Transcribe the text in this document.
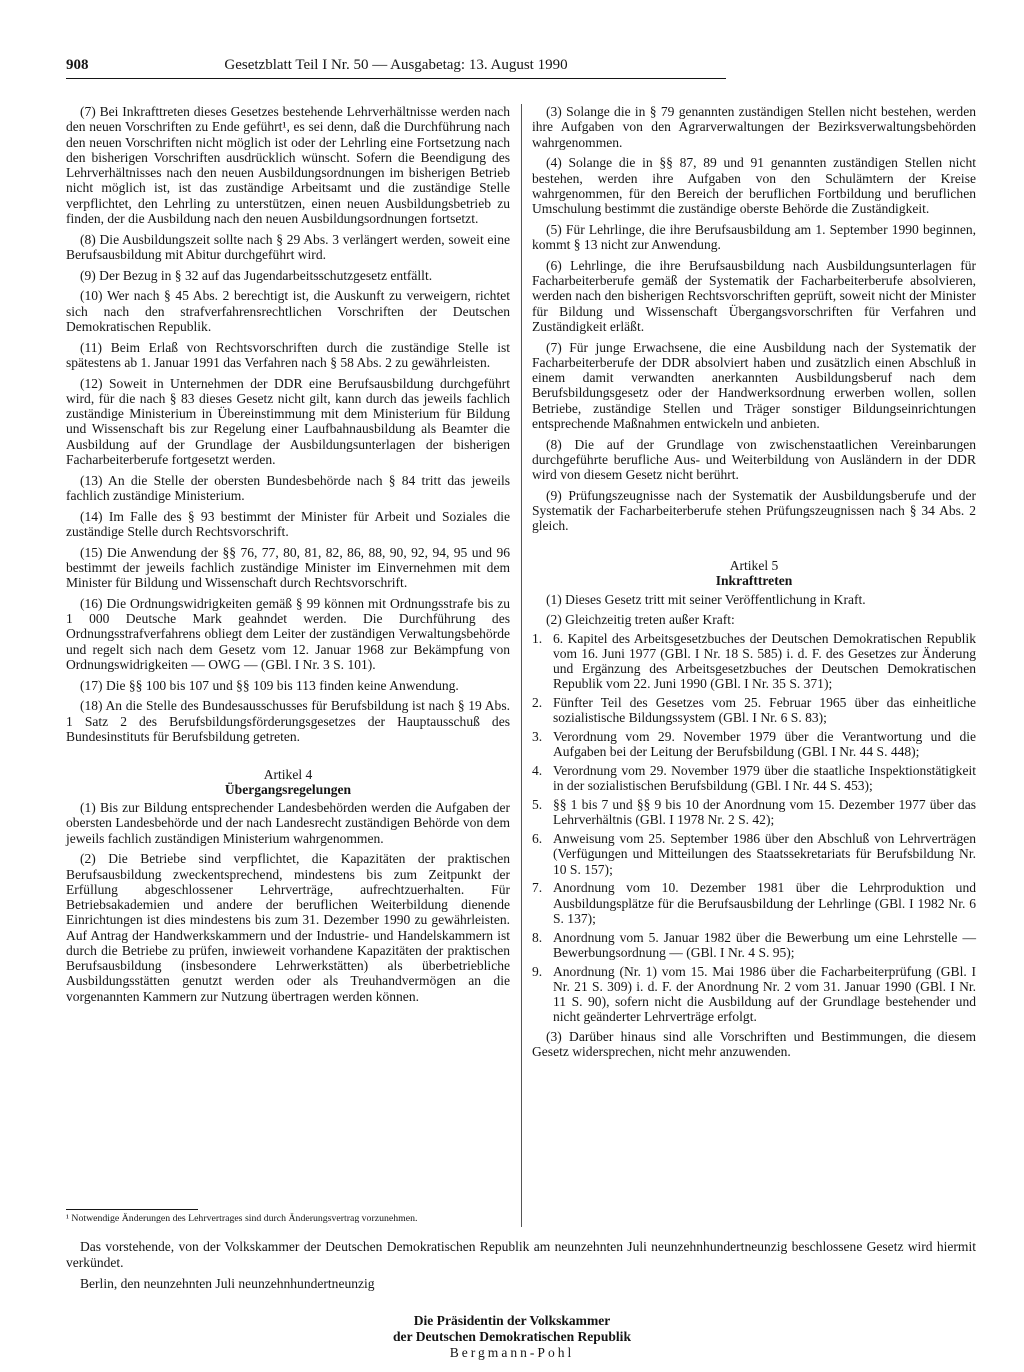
908	Gesetzblatt Teil I Nr. 50 — Ausgabetag: 13. August 1990

(7) Bei Inkrafttreten dieses Gesetzes bestehende Lehrverhältnisse werden nach den neuen Vorschriften zu Ende geführt¹, es sei denn, daß die Durchführung nach den neuen Vorschriften nicht möglich ist oder der Lehrling eine Fortsetzung nach den bisherigen Vorschriften ausdrücklich wünscht. Sofern die Beendigung des Lehrverhältnisses nach den neuen Ausbildungsordnungen im bisherigen Betrieb nicht möglich ist, ist das zuständige Arbeitsamt und die zuständige Stelle verpflichtet, den Lehrling zu unterstützen, einen neuen Ausbildungsbetrieb zu finden, der die Ausbildung nach den neuen Ausbildungsordnungen fortsetzt.

(8) Die Ausbildungszeit sollte nach § 29 Abs. 3 verlängert werden, soweit eine Berufsausbildung mit Abitur durchgeführt wird.

(9) Der Bezug in § 32 auf das Jugendarbeitsschutzgesetz entfällt.

(10) Wer nach § 45 Abs. 2 berechtigt ist, die Auskunft zu verweigern, richtet sich nach den strafverfahrensrechtlichen Vorschriften der Deutschen Demokratischen Republik.

(11) Beim Erlaß von Rechtsvorschriften durch die zuständige Stelle ist spätestens ab 1. Januar 1991 das Verfahren nach § 58 Abs. 2 zu gewährleisten.

(12) Soweit in Unternehmen der DDR eine Berufsausbildung durchgeführt wird, für die nach § 83 dieses Gesetz nicht gilt, kann durch das jeweils fachlich zuständige Ministerium in Übereinstimmung mit dem Ministerium für Bildung und Wissenschaft bis zur Regelung einer Laufbahnausbildung als Beamter die Ausbildung auf der Grundlage der Ausbildungsunterlagen der bisherigen Facharbeiterberufe fortgesetzt werden.

(13) An die Stelle der obersten Bundesbehörde nach § 84 tritt das jeweils fachlich zuständige Ministerium.

(14) Im Falle des § 93 bestimmt der Minister für Arbeit und Soziales die zuständige Stelle durch Rechtsvorschrift.

(15) Die Anwendung der §§ 76, 77, 80, 81, 82, 86, 88, 90, 92, 94, 95 und 96 bestimmt der jeweils fachlich zuständige Minister im Einvernehmen mit dem Minister für Bildung und Wissenschaft durch Rechtsvorschrift.

(16) Die Ordnungswidrigkeiten gemäß § 99 können mit Ordnungsstrafe bis zu 1 000 Deutsche Mark geahndet werden. Die Durchführung des Ordnungsstrafverfahrens obliegt dem Leiter der zuständigen Verwaltungsbehörde und regelt sich nach dem Gesetz vom 12. Januar 1968 zur Bekämpfung von Ordnungswidrigkeiten — OWG — (GBl. I Nr. 3 S. 101).

(17) Die §§ 100 bis 107 und §§ 109 bis 113 finden keine Anwendung.

(18) An die Stelle des Bundesausschusses für Berufsbildung ist nach § 19 Abs. 1 Satz 2 des Berufsbildungsförderungsgesetzes der Hauptausschuß des Bundesinstituts für Berufsbildung getreten.

Artikel 4
Übergangsregelungen

(1) Bis zur Bildung entsprechender Landesbehörden werden die Aufgaben der obersten Landesbehörde und der nach Landesrecht zuständigen Behörde von dem jeweils fachlich zuständigen Ministerium wahrgenommen.

(2) Die Betriebe sind verpflichtet, die Kapazitäten der praktischen Berufsausbildung zweckentsprechend, mindestens bis zum Zeitpunkt der Erfüllung abgeschlossener Lehrverträge, aufrechtzuerhalten. Für Betriebsakademien und andere der beruflichen Weiterbildung dienende Einrichtungen ist dies mindestens bis zum 31. Dezember 1990 zu gewährleisten. Auf Antrag der Handwerkskammern und der Industrie- und Handelskammern ist durch die Betriebe zu prüfen, inwieweit vorhandene Kapazitäten der praktischen Berufsausbildung (insbesondere Lehrwerkstätten) als überbetriebliche Ausbildungsstätten genutzt werden oder als Treuhandvermögen an die vorgenannten Kammern zur Nutzung übertragen werden können.

(3) Solange die in § 79 genannten zuständigen Stellen nicht bestehen, werden ihre Aufgaben von den Agrarverwaltungen der Bezirksverwaltungsbehörden wahrgenommen.

(4) Solange die in §§ 87, 89 und 91 genannten zuständigen Stellen nicht bestehen, werden ihre Aufgaben von den Schulämtern der Kreise wahrgenommen, für den Bereich der beruflichen Fortbildung und beruflichen Umschulung bestimmt die zuständige oberste Behörde die Zuständigkeit.

(5) Für Lehrlinge, die ihre Berufsausbildung am 1. September 1990 beginnen, kommt § 13 nicht zur Anwendung.

(6) Lehrlinge, die ihre Berufsausbildung nach Ausbildungsunterlagen für Facharbeiterberufe gemäß der Systematik der Facharbeiterberufe absolvieren, werden nach den bisherigen Rechtsvorschriften geprüft, soweit nicht der Minister für Bildung und Wissenschaft Übergangsvorschriften für Verfahren und Zuständigkeit erläßt.

(7) Für junge Erwachsene, die eine Ausbildung nach der Systematik der Facharbeiterberufe der DDR absolviert haben und zusätzlich einen Abschluß in einem damit verwandten anerkannten Ausbildungsberuf nach dem Berufsbildungsgesetz oder der Handwerksordnung erwerben wollen, sollen Betriebe, zuständige Stellen und Träger sonstiger Bildungseinrichtungen entsprechende Maßnahmen entwickeln und anbieten.

(8) Die auf der Grundlage von zwischenstaatlichen Vereinbarungen durchgeführte berufliche Aus- und Weiterbildung von Ausländern in der DDR wird von diesem Gesetz nicht berührt.

(9) Prüfungszeugnisse nach der Systematik der Ausbildungsberufe und der Systematik der Facharbeiterberufe stehen Prüfungszeugnissen nach § 34 Abs. 2 gleich.

Artikel 5
Inkrafttreten

(1) Dieses Gesetz tritt mit seiner Veröffentlichung in Kraft.

(2) Gleichzeitig treten außer Kraft:

1. 6. Kapitel des Arbeitsgesetzbuches der Deutschen Demokratischen Republik vom 16. Juni 1977 (GBl. I Nr. 18 S. 585) i. d. F. des Gesetzes zur Änderung und Ergänzung des Arbeitsgesetzbuches der Deutschen Demokratischen Republik vom 22. Juni 1990 (GBl. I Nr. 35 S. 371);
2. Fünfter Teil des Gesetzes vom 25. Februar 1965 über das einheitliche sozialistische Bildungssystem (GBl. I Nr. 6 S. 83);
3. Verordnung vom 29. November 1979 über die Verantwortung und die Aufgaben bei der Leitung der Berufsbildung (GBl. I Nr. 44 S. 448);
4. Verordnung vom 29. November 1979 über die staatliche Inspektionstätigkeit in der sozialistischen Berufsbildung (GBl. I Nr. 44 S. 453);
5. §§ 1 bis 7 und §§ 9 bis 10 der Anordnung vom 15. Dezember 1977 über das Lehrverhältnis (GBl. I 1978 Nr. 2 S. 42);
6. Anweisung vom 25. September 1986 über den Abschluß von Lehrverträgen (Verfügungen und Mitteilungen des Staatssekretariats für Berufsbildung Nr. 10 S. 157);
7. Anordnung vom 10. Dezember 1981 über die Lehrproduktion und Ausbildungsplätze für die Berufsausbildung der Lehrlinge (GBl. I 1982 Nr. 6 S. 137);
8. Anordnung vom 5. Januar 1982 über die Bewerbung um eine Lehrstelle — Bewerbungsordnung — (GBl. I Nr. 4 S. 95);
9. Anordnung (Nr. 1) vom 15. Mai 1986 über die Facharbeiterprüfung (GBl. I Nr. 21 S. 309) i. d. F. der Anordnung Nr. 2 vom 31. Januar 1990 (GBl. I Nr. 11 S. 90), sofern nicht die Ausbildung auf der Grundlage bestehender und nicht geänderter Lehrverträge erfolgt.

(3) Darüber hinaus sind alle Vorschriften und Bestimmungen, die diesem Gesetz widersprechen, nicht mehr anzuwenden.

¹ Notwendige Änderungen des Lehrvertrages sind durch Änderungsvertrag vorzunehmen.

Das vorstehende, von der Volkskammer der Deutschen Demokratischen Republik am neunzehnten Juli neunzehnhundertneunzig beschlossene Gesetz wird hiermit verkündet.

Berlin, den neunzehnten Juli neunzehnhundertneunzig

Die Präsidentin der Volkskammer
der Deutschen Demokratischen Republik
Bergmann-Pohl
